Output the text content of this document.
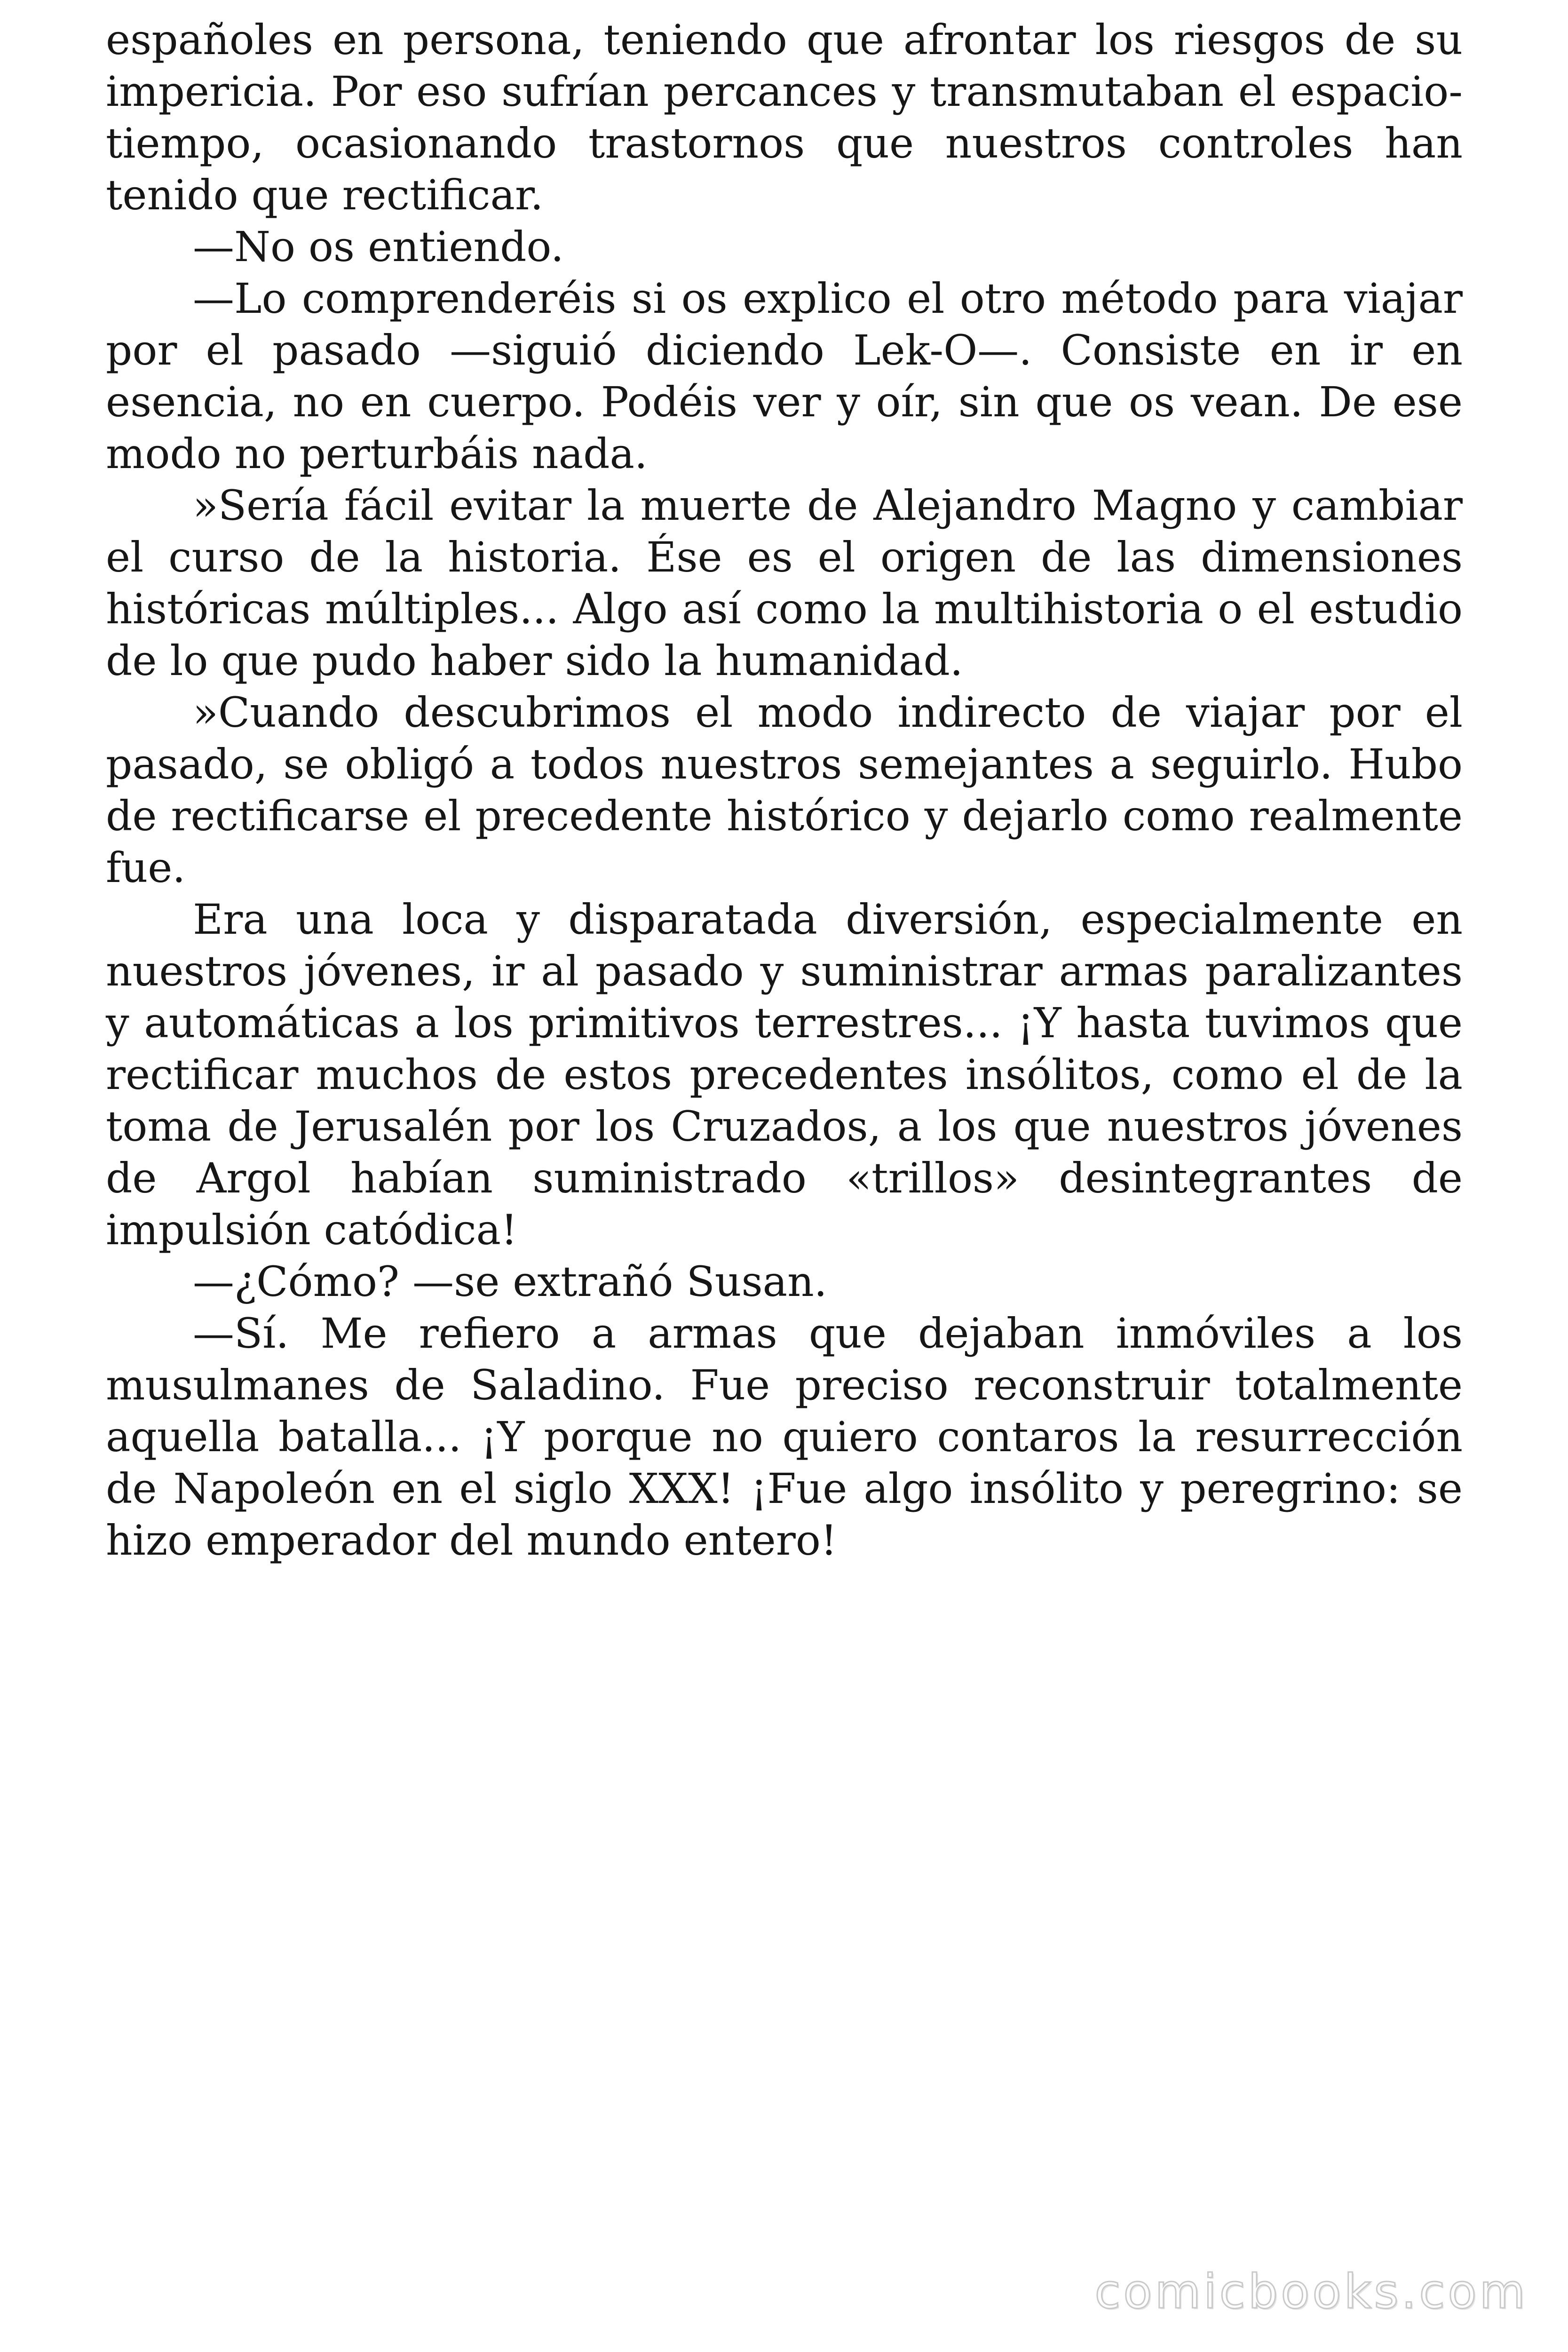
españoles en persona, teniendo que afrontar los riesgos de su impericia. Por eso sufrían percances y transmutaban el espacio-tiempo, ocasionando trastornos que nuestros controles han tenido que rectificar.

—No os entiendo.

—Lo comprenderéis si os explico el otro método para viajar por el pasado —siguió diciendo Lek-O—. Consiste en ir en esencia, no en cuerpo. Podéis ver y oír, sin que os vean. De ese modo no perturbáis nada.

»Sería fácil evitar la muerte de Alejandro Magno y cambiar el curso de la historia. Ése es el origen de las dimensiones históricas múltiples... Algo así como la multihistoria o el estudio de lo que pudo haber sido la humanidad.

»Cuando descubrimos el modo indirecto de viajar por el pasado, se obligó a todos nuestros semejantes a seguirlo. Hubo de rectificarse el precedente histórico y dejarlo como realmente fue.

Era una loca y disparatada diversión, especialmente en nuestros jóvenes, ir al pasado y suministrar armas paralizantes y automáticas a los primitivos terrestres... ¡Y hasta tuvimos que rectificar muchos de estos precedentes insólitos, como el de la toma de Jerusalén por los Cruzados, a los que nuestros jóvenes de Argol habían suministrado «trillos» desintegrantes de impulsión catódica!

—¿Cómo? —se extrañó Susan.

—Sí. Me refiero a armas que dejaban inmóviles a los musulmanes de Saladino. Fue preciso reconstruir totalmente aquella batalla... ¡Y porque no quiero contaros la resurrección de Napoleón en el siglo XXX! ¡Fue algo insólito y peregrino: se hizo emperador del mundo entero!

comicbooks.com
